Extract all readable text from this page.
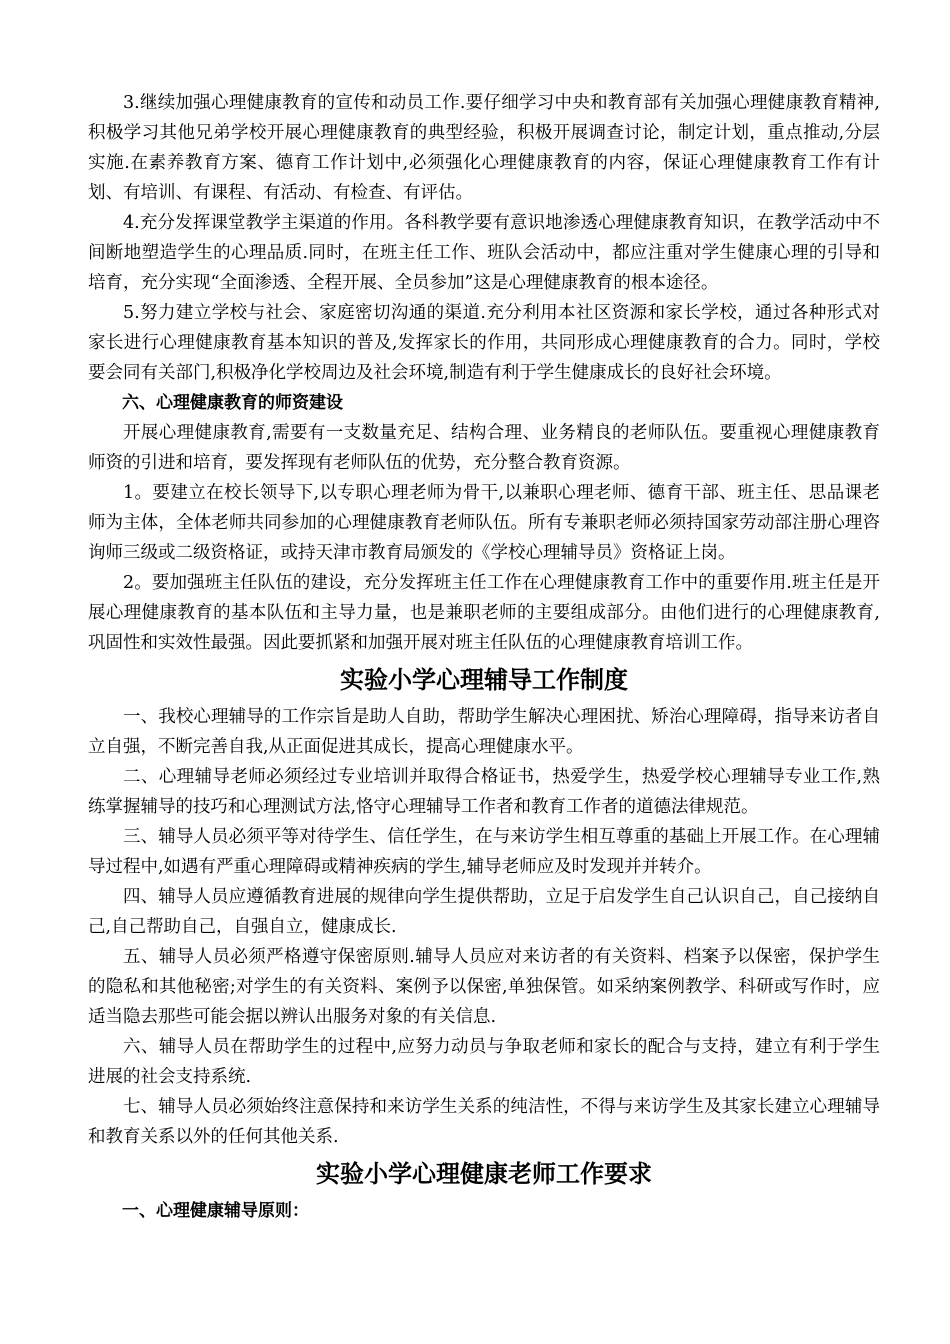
3.继续加强心理健康教育的宣传和动员工作.要仔细学习中央和教育部有关加强心理健康教育精神,积极学习其他兄弟学校开展心理健康教育的典型经验，积极开展调查讨论，制定计划，重点推动,分层实施.在素养教育方案、德育工作计划中,必须强化心理健康教育的内容，保证心理健康教育工作有计划、有培训、有课程、有活动、有检查、有评估。

4.充分发挥课堂教学主渠道的作用。各科教学要有意识地渗透心理健康教育知识，在教学活动中不间断地塑造学生的心理品质.同时，在班主任工作、班队会活动中，都应注重对学生健康心理的引导和培育，充分实现“全面渗透、全程开展、全员参加”这是心理健康教育的根本途径。

5.努力建立学校与社会、家庭密切沟通的渠道.充分利用本社区资源和家长学校，通过各种形式对家长进行心理健康教育基本知识的普及,发挥家长的作用，共同形成心理健康教育的合力。同时，学校要会同有关部门,积极净化学校周边及社会环境,制造有利于学生健康成长的良好社会环境。

六、心理健康教育的师资建设

开展心理健康教育,需要有一支数量充足、结构合理、业务精良的老师队伍。要重视心理健康教育师资的引进和培育，要发挥现有老师队伍的优势，充分整合教育资源。

1。要建立在校长领导下,以专职心理老师为骨干,以兼职心理老师、德育干部、班主任、思品课老师为主体，全体老师共同参加的心理健康教育老师队伍。所有专兼职老师必须持国家劳动部注册心理咨询师三级或二级资格证，或持天津市教育局颁发的《学校心理辅导员》资格证上岗。

2。要加强班主任队伍的建设，充分发挥班主任工作在心理健康教育工作中的重要作用.班主任是开展心理健康教育的基本队伍和主导力量，也是兼职老师的主要组成部分。由他们进行的心理健康教育,巩固性和实效性最强。因此要抓紧和加强开展对班主任队伍的心理健康教育培训工作。

实验小学心理辅导工作制度

一、我校心理辅导的工作宗旨是助人自助，帮助学生解决心理困扰、矫治心理障碍，指导来访者自立自强，不断完善自我,从正面促进其成长，提高心理健康水平。

二、心理辅导老师必须经过专业培训并取得合格证书，热爱学生，热爱学校心理辅导专业工作,熟练掌握辅导的技巧和心理测试方法,恪守心理辅导工作者和教育工作者的道德法律规范。

三、辅导人员必须平等对待学生、信任学生，在与来访学生相互尊重的基础上开展工作。在心理辅导过程中,如遇有严重心理障碍或精神疾病的学生,辅导老师应及时发现并并转介。

四、辅导人员应遵循教育进展的规律向学生提供帮助，立足于启发学生自己认识自己，自己接纳自己,自己帮助自己，自强自立，健康成长.

五、辅导人员必须严格遵守保密原则.辅导人员应对来访者的有关资料、档案予以保密，保护学生的隐私和其他秘密;对学生的有关资料、案例予以保密,单独保管。如采纳案例教学、科研或写作时，应适当隐去那些可能会据以辨认出服务对象的有关信息.

六、辅导人员在帮助学生的过程中,应努力动员与争取老师和家长的配合与支持，建立有利于学生进展的社会支持系统.

七、辅导人员必须始终注意保持和来访学生关系的纯洁性，不得与来访学生及其家长建立心理辅导和教育关系以外的任何其他关系.

实验小学心理健康老师工作要求

一、心理健康辅导原则：
